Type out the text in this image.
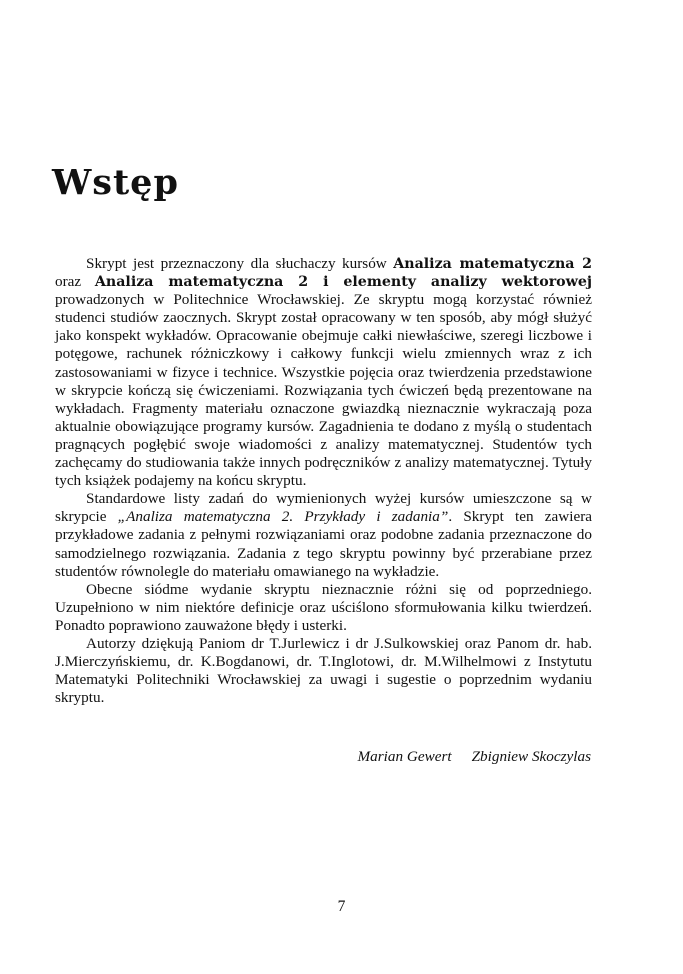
Wstęp

Skrypt jest przeznaczony dla słuchaczy kursów Analiza matematyczna 2 oraz Analiza matematyczna 2 i elementy analizy wektorowej prowadzonych w Politechnice Wrocławskiej. Ze skryptu mogą korzystać również studenci studiów zaocznych. Skrypt został opracowany w ten sposób, aby mógł służyć jako konspekt wykładów. Opracowanie obejmuje całki niewłaściwe, szeregi liczbowe i potęgowe, rachunek różniczkowy i całkowy funkcji wielu zmiennych wraz z ich zastosowaniami w fizyce i technice. Wszystkie pojęcia oraz twierdzenia przedstawione w skrypcie kończą się ćwiczeniami. Rozwiązania tych ćwiczeń będą prezentowane na wykładach. Fragmenty materiału oznaczone gwiazdką nieznacznie wykraczają poza aktualnie obowiązujące programy kursów. Zagadnienia te dodano z myślą o studentach pragnących pogłębić swoje wiadomości z analizy matematycznej. Studentów tych zachęcamy do studiowania także innych podręczników z analizy matematycznej. Tytuły tych książek podajemy na końcu skryptu.

Standardowe listy zadań do wymienionych wyżej kursów umieszczone są w skrypcie „Analiza matematyczna 2. Przykłady i zadania”. Skrypt ten zawiera przykładowe zadania z pełnymi rozwiązaniami oraz podobne zadania przeznaczone do samodzielnego rozwiązania. Zadania z tego skryptu powinny być przerabiane przez studentów równolegle do materiału omawianego na wykładzie.

Obecne siódme wydanie skryptu nieznacznie różni się od poprzedniego. Uzupełniono w nim niektóre definicje oraz uściślono sformułowania kilku twierdzeń. Ponadto poprawiono zauważone błędy i usterki.

Autorzy dziękują Paniom dr T.Jurlewicz i dr J.Sulkowskiej oraz Panom dr. hab. J.Mierczyńskiemu, dr. K.Bogdanowi, dr. T.Inglotowi, dr. M.Wilhelmowi z Instytutu Matematyki Politechniki Wrocławskiej za uwagi i sugestie o poprzednim wydaniu skryptu.

Marian Gewert Zbigniew Skoczylas
7
